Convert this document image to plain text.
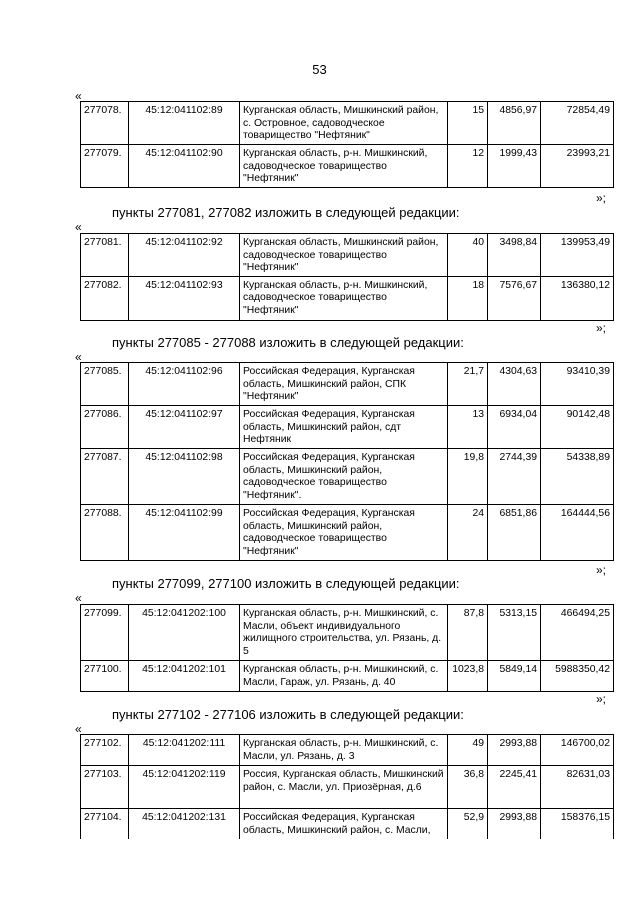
53
«
277078.	45:12:041102:89	Курганская область, Мишкинский район, с. Островное, садоводческое товарищество "Нефтяник"	15	4856,97	72854,49
277079.	45:12:041102:90	Курганская область, р-н. Мишкинский, садоводческое товарищество "Нефтяник"	12	1999,43	23993,21
»;
пункты 277081, 277082 изложить в следующей редакции:
«
277081.	45:12:041102:92	Курганская область, Мишкинский район, садоводческое товарищество "Нефтяник"	40	3498,84	139953,49
277082.	45:12:041102:93	Курганская область, р-н. Мишкинский, садоводческое товарищество "Нефтяник"	18	7576,67	136380,12
»;
пункты 277085 - 277088 изложить в следующей редакции:
«
277085.	45:12:041102:96	Российская Федерация, Курганская область, Мишкинский район, СПК "Нефтяник"	21,7	4304,63	93410,39
277086.	45:12:041102:97	Российская Федерация, Курганская область, Мишкинский район, сдт Нефтяник	13	6934,04	90142,48
277087.	45:12:041102:98	Российская Федерация, Курганская область, Мишкинский район, садоводческое товарищество "Нефтяник".	19,8	2744,39	54338,89
277088.	45:12:041102:99	Российская Федерация, Курганская область, Мишкинский район, садоводческое товарищество "Нефтяник"	24	6851,86	164444,56
»;
пункты 277099, 277100 изложить в следующей редакции:
«
277099.	45:12:041202:100	Курганская область, р-н. Мишкинский, с. Масли, объект индивидуального жилищного строительства, ул. Рязань, д. 5	87,8	5313,15	466494,25
277100.	45:12:041202:101	Курганская область, р-н. Мишкинский, с. Масли, Гараж, ул. Рязань, д. 40	1023,8	5849,14	5988350,42
»;
пункты 277102 - 277106 изложить в следующей редакции:
«
277102.	45:12:041202:111	Курганская область, р-н. Мишкинский, с. Масли, ул. Рязань, д. 3	49	2993,88	146700,02
277103.	45:12:041202:119	Россия, Курганская область, Мишкинский район, с. Масли, ул. Приозёрная, д.6	36,8	2245,41	82631,03
277104.	45:12:041202:131	Российская Федерация, Курганская область, Мишкинский район, с. Масли,	52,9	2993,88	158376,15
